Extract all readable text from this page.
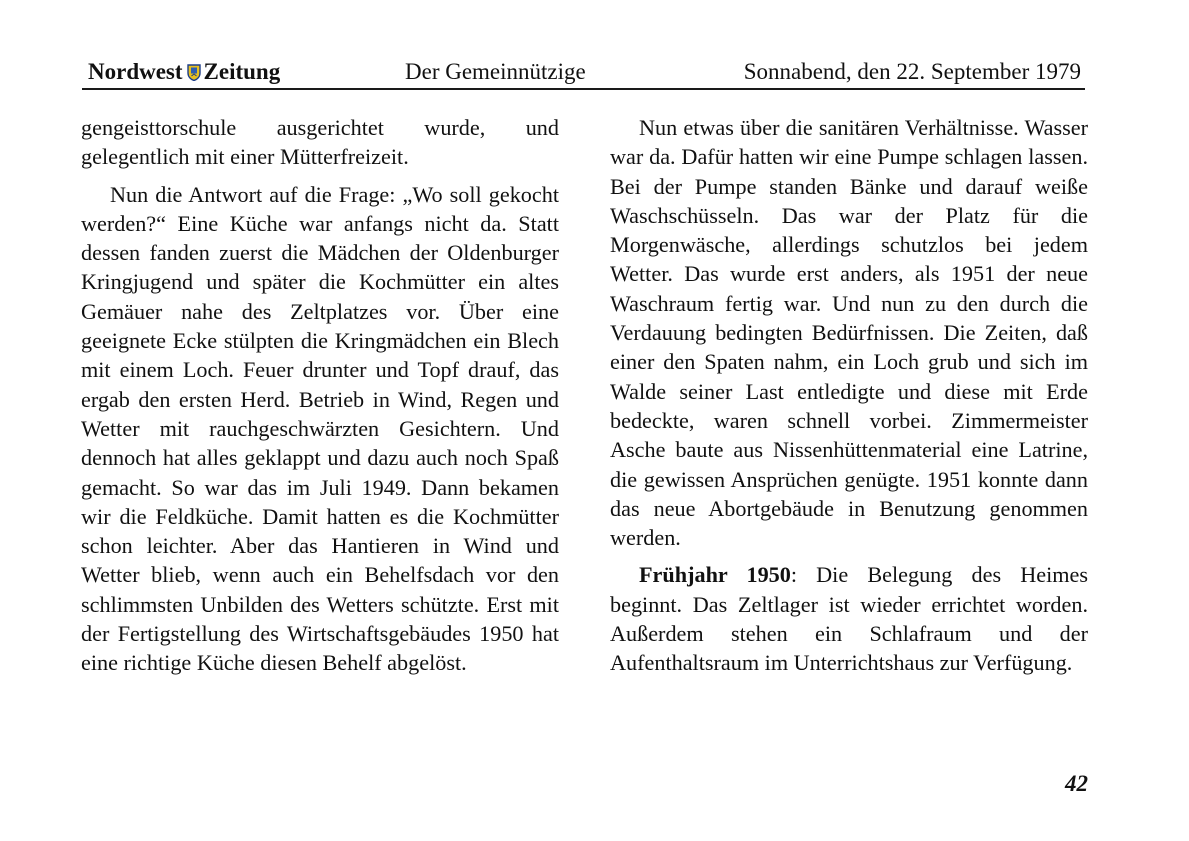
Nordwest Zeitung	Der Gemeinnützige	Sonnabend, den 22. September 1979

gengeisttorschule ausgerichtet wurde, und gelegentlich mit einer Mütterfreizeit.

Nun die Antwort auf die Frage: „Wo soll gekocht werden?“ Eine Küche war anfangs nicht da. Statt dessen fanden zuerst die Mädchen der Oldenburger Kringjugend und später die Kochmütter ein altes Gemäuer nahe des Zeltplatzes vor. Über eine geeignete Ecke stülpten die Kringmädchen ein Blech mit einem Loch. Feuer drunter und Topf drauf, das ergab den ersten Herd. Betrieb in Wind, Regen und Wetter mit rauchgeschwärzten Gesichtern. Und dennoch hat alles geklappt und dazu auch noch Spaß gemacht. So war das im Juli 1949. Dann bekamen wir die Feldküche. Damit hatten es die Kochmütter schon leichter. Aber das Hantieren in Wind und Wetter blieb, wenn auch ein Behelfsdach vor den schlimmsten Unbilden des Wetters schützte. Erst mit der Fertigstellung des Wirtschaftsgebäudes 1950 hat eine richtige Küche diesen Behelf abgelöst.

Nun etwas über die sanitären Verhältnisse. Wasser war da. Dafür hatten wir eine Pumpe schlagen lassen. Bei der Pumpe standen Bänke und darauf weiße Waschschüsseln. Das war der Platz für die Morgenwäsche, allerdings schutzlos bei jedem Wetter. Das wurde erst anders, als 1951 der neue Waschraum fertig war. Und nun zu den durch die Verdauung bedingten Bedürfnissen. Die Zeiten, daß einer den Spaten nahm, ein Loch grub und sich im Walde seiner Last entledigte und diese mit Erde bedeckte, waren schnell vorbei. Zimmermeister Asche baute aus Nissenhüttenmaterial eine Latrine, die gewissen Ansprüchen genügte. 1951 konnte dann das neue Abortgebäude in Benutzung genommen werden.

Frühjahr 1950: Die Belegung des Heimes beginnt. Das Zeltlager ist wieder errichtet worden. Außerdem stehen ein Schlafraum und der Aufenthaltsraum im Unterrichtshaus zur Verfügung.

42
